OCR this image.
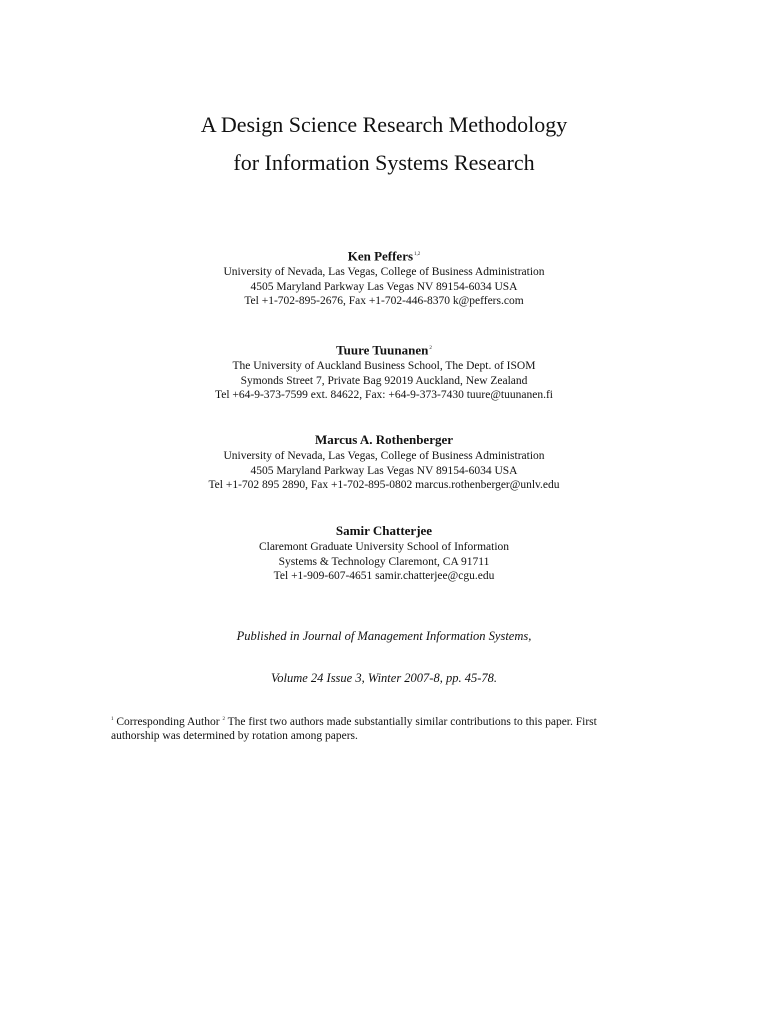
A Design Science Research Methodology
for Information Systems Research
Ken Peffers$^{1,2}$
University of Nevada, Las Vegas, College of Business Administration
4505 Maryland Parkway Las Vegas NV 89154-6034 USA
Tel +1-702-895-2676, Fax +1-702-446-8370 k@peffers.com
Tuure Tuunanen$^2$
The University of Auckland Business School, The Dept. of ISOM
Symonds Street 7, Private Bag 92019 Auckland, New Zealand
Tel +64-9-373-7599 ext. 84622, Fax: +64-9-373-7430 tuure@tuunanen.fi
Marcus A. Rothenberger
University of Nevada, Las Vegas, College of Business Administration
4505 Maryland Parkway Las Vegas NV 89154-6034 USA
Tel +1-702 895 2890, Fax +1-702-895-0802 marcus.rothenberger@unlv.edu
Samir Chatterjee
Claremont Graduate University School of Information
Systems & Technology Claremont, CA 91711
Tel +1-909-607-4651 samir.chatterjee@cgu.edu
Published in Journal of Management Information Systems,
Volume 24 Issue 3, Winter 2007-8, pp. 45-78.
$^1$ Corresponding Author $^2$ The first two authors made substantially similar contributions to this paper. First authorship was determined by rotation among papers.
